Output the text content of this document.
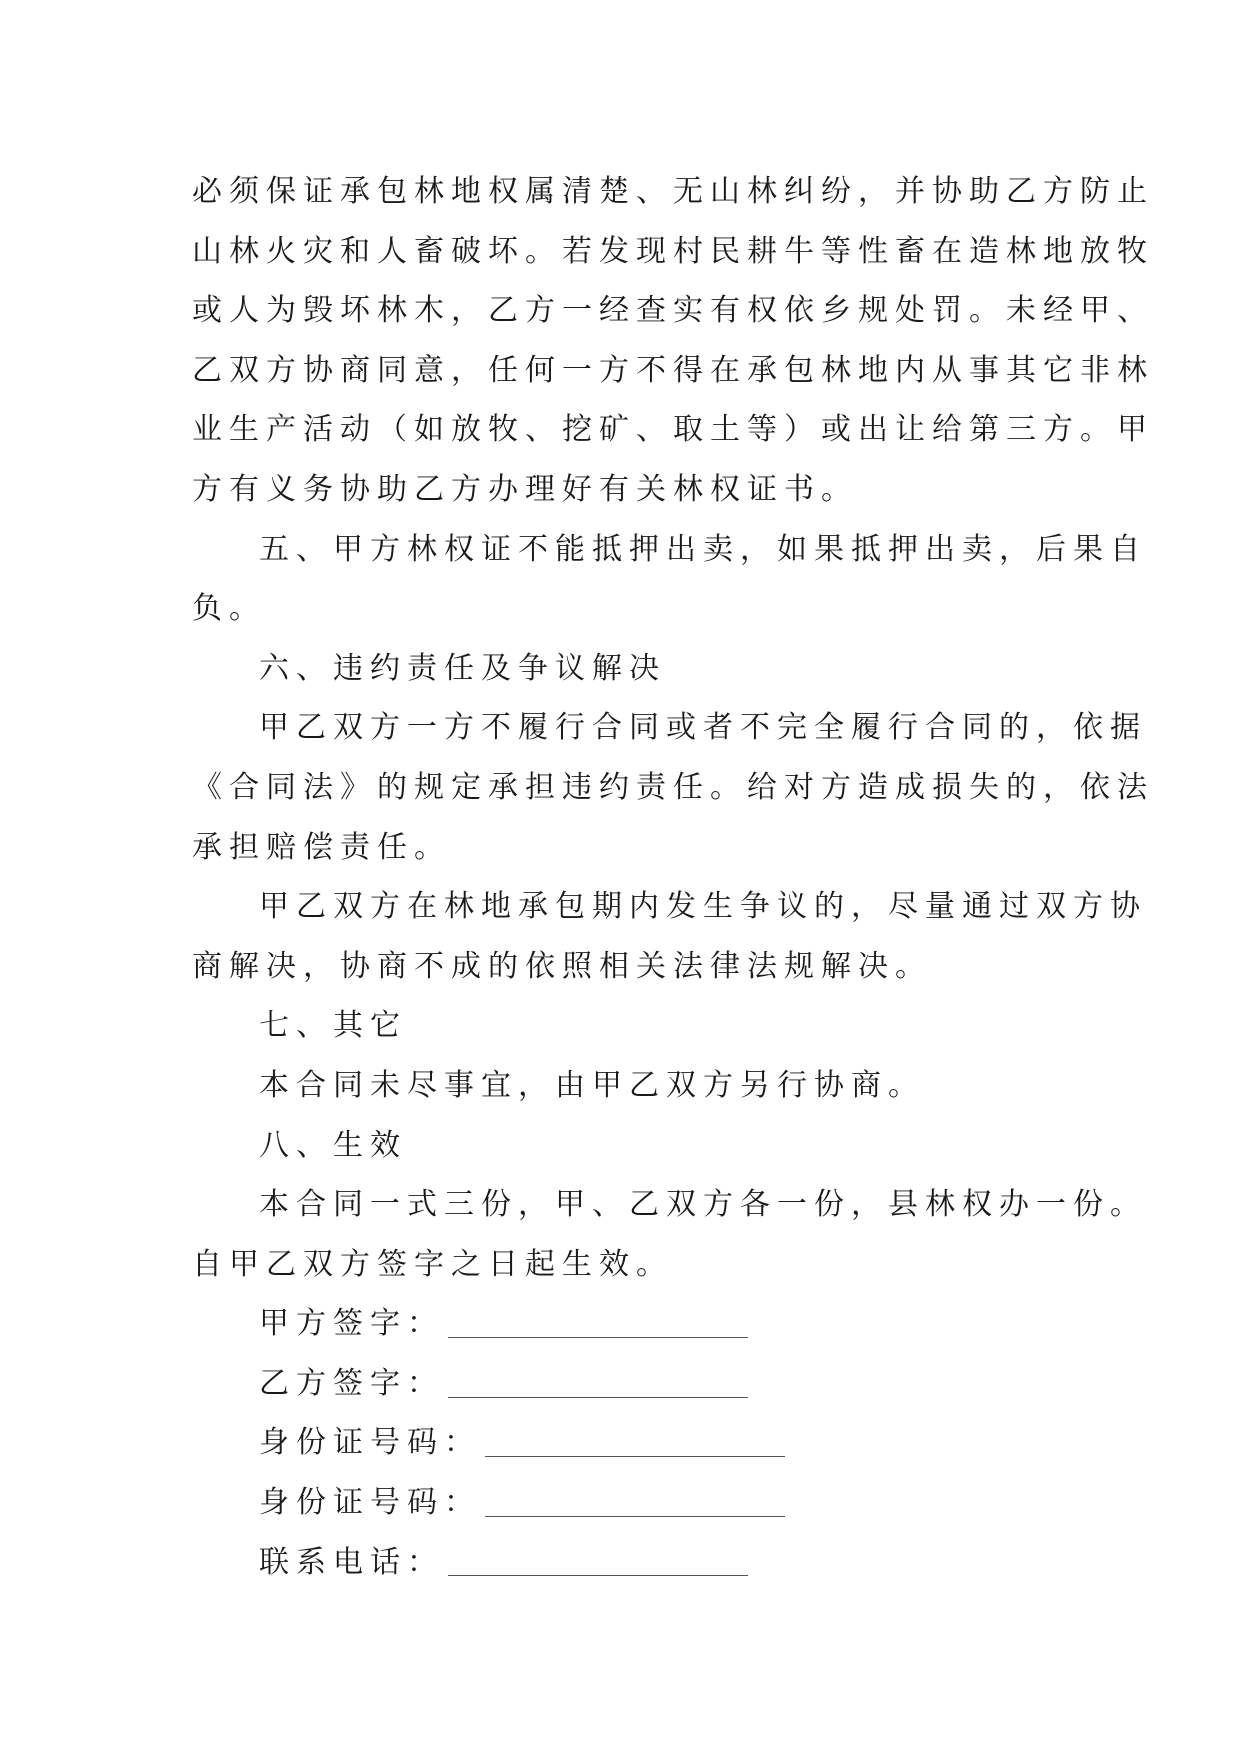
必须保证承包林地权属清楚、无山林纠纷，并协助乙方防止
山林火灾和人畜破坏。若发现村民耕牛等性畜在造林地放牧
或人为毁坏林木，乙方一经查实有权依乡规处罚。未经甲、
乙双方协商同意，任何一方不得在承包林地内从事其它非林
业生产活动（如放牧、挖矿、取土等）或出让给第三方。甲
方有义务协助乙方办理好有关林权证书。
五、甲方林权证不能抵押出卖，如果抵押出卖，后果自
负。
六、违约责任及争议解决
甲乙双方一方不履行合同或者不完全履行合同的，依据
《合同法》的规定承担违约责任。给对方造成损失的，依法
承担赔偿责任。
甲乙双方在林地承包期内发生争议的，尽量通过双方协
商解决，协商不成的依照相关法律法规解决。
七、其它
本合同未尽事宜，由甲乙双方另行协商。
八、生效
本合同一式三份，甲、乙双方各一份，县林权办一份。
自甲乙双方签字之日起生效。
甲方签字：
乙方签字：
身份证号码：
身份证号码：
联系电话：
